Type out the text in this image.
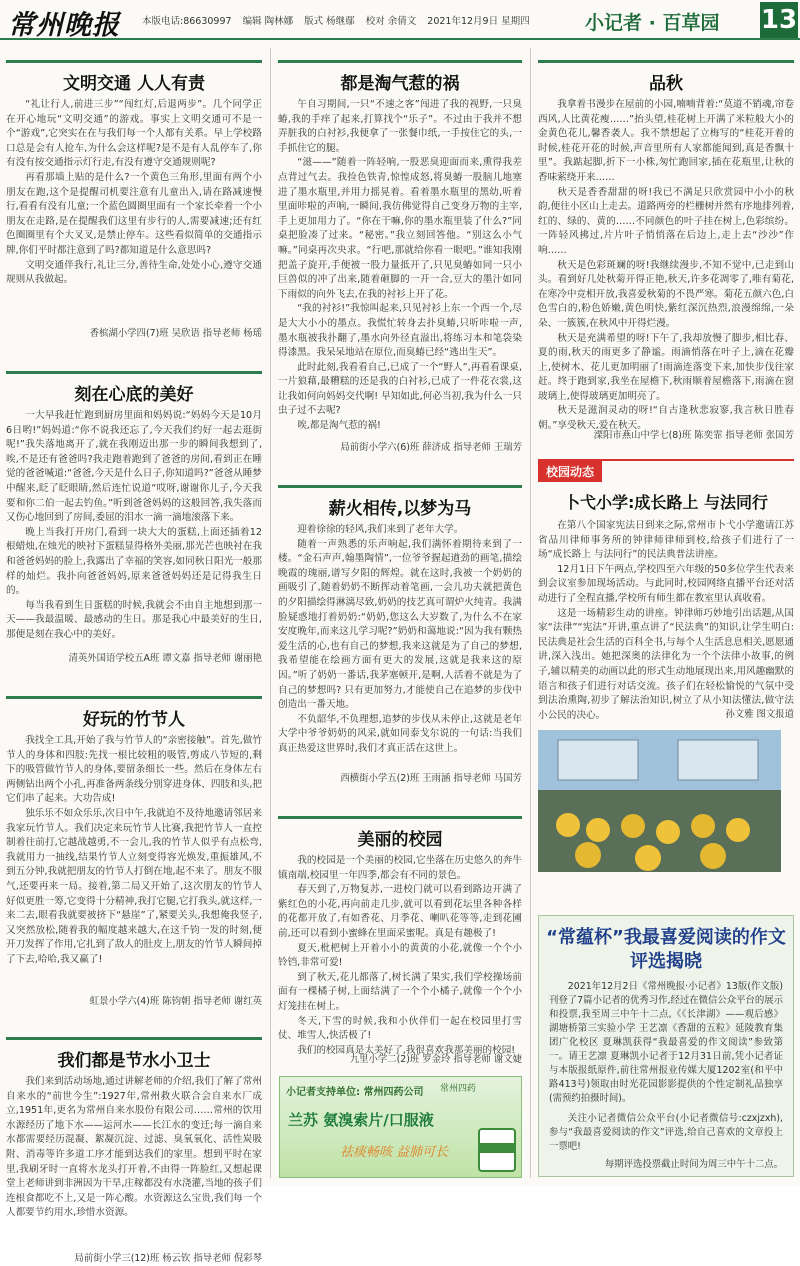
常州晚报 本版电话:86630997 编辑 陶林娜 版式 杨继鄢 校对 余倩文 2021年12月9日 星期四	小记者 · 百草园 13
文明交通 人人有责

“礼让行人,前进三步”“闯红灯,后退两步”。几个同学正在开心地玩“文明交通”的游戏。事实上文明交通可不是一个“游戏”,它突实在在与我们每一个人都有关系。早上学校路口总是会有人抢车,为什么会这样呢?是不是有人乱停车了,你有没有按交通指示灯行走,有没有遵守交通规则呢?

再看那墙上贴的是什么?一个黄色三角形,里面有两个小朋友在跑,这个是提醒司机要注意有儿童出入,请在路减速慢行,看看有没有儿童;一个蓝色圆圈里面有一个家长牵着一个小朋友在走路,是在提醒我们这里有步行的人,需要减速;还有红色圈圈里有个大叉叉,是禁止停车。这些看似简单的交通指示牌,你们平时都注意到了吗?都知道是什么意思吗?

文明交通伴我行,礼让三分,善待生命,处处小心,遵守交通规则从我做起。

香槟湖小学四(7)班 吴欣语 指导老师 杨瑶
刻在心底的美好

一大早我赶忙跑到厨房里面和妈妈说:“妈妈今天是10月6日哟!”妈妈道:“你不说我还忘了,今天我们约好一起去逛街呢!”我失落地离开了,就在我刚迈出那一步的瞬间我想到了,唉,不是还有爸爸吗?我走跑着跑到了爸爸的房间,看到正在睡觉的爸爸喊道:“爸爸,今天是什么日子,你知道吗?”爸爸从睡梦中醒来,眨了眨眼睛,然后连忙说道“哎呀,谢谢你儿子,今天我要和你二伯一起去钓鱼。”听到爸爸妈妈的这般回答,我失落而又伤心地回到了房间,委屈的泪水一滴一滴地滚落下来。

晚上当我打开房门,看到一块大大的蛋糕,上面还插着12根蜡烛,在烛光的映衬下蛋糕显得格外美丽,那光芒也映衬在我和爸爸妈妈的脸上,我露出了幸福的笑容,如同秋日阳光一般那样的灿烂。我扑向爸爸妈妈,原来爸爸妈妈还是记得我生日的。

每当我看到生日蛋糕的时候,我就会不由自主地想到那一天——我最温暖、最感动的生日。那是我心中最美好的生日,那便是刻在我心中的美好。

清英外国语学校五A班 谭文嘉 指导老师 谢丽艳
好玩的竹节人

我找全工具,开始了我与竹节人的“亲密接触”。首先,做竹节人的身体和四肢:先找一根比较粗的吸管,剪成八节短的,剩下的吸管做竹节人的身体,要留条细长一些。然后在身体左右两侧钻出两个小孔,再准备两条线分别穿进身体、四肢和头,把它们串了起来。大功告成!

独乐乐不如众乐乐,次日中午,我就迫不及待地邀请邻居来我家玩竹节人。我们决定来玩竹节人比赛,我把竹节人一直控制着往前打,它越战越勇,不一会儿,我的竹节人似乎有点松弯,我就用力一抽线,结果竹节人立刻变得容光焕发,重振雄风,不到五分钟,我就把朋友的竹节人打倒在地,起不来了。朋友不服气,还要再来一局。接着,第二局又开始了,这次朋友的竹节人好似更胜一筹,它变得十分精神,我打它腿,它打我头,就这样,一来二去,眼看我就要被挤下“悬崖”了,紧要关头,我想俺我竖子,又突然放松,随着我的幅度越来越大,在这千钧一发的时刻,便开刀发挥了作用,它扎到了敌人的肚皮上,朋友的竹节人瞬间掉了下去,哈哈,我又赢了!

虹景小学六(4)班 陈钧朝 指导老师 谢红英
我们都是节水小卫士

我们来到活动场地,通过讲解老师的介绍,我们了解了常州自来水的“前世今生”:1927年,常州救火联合会自来水厂成立,1951年,更名为常州自来水股份有限公司……常州的饮用水源经历了地下水——运河水——长江水的变迁;每一滴自来水都需要经历混凝、絮凝沉淀、过滤、臭氧氧化、活性炭吸附、消毒等许多道工序才能到达我们的家里。想到平时在家里,我刷牙时一直将水龙头打开着,不由得一阵脸红,又想起课堂上老师讲到非洲因为干旱,庄稼都没有水浇灌,当地的孩子们连根食都吃不上,又是一阵心酸。水资源这么宝贵,我们每一个人都要节约用水,珍惜水资源。

局前街小学三(12)班 杨云钦 指导老师 倪彩琴
都是淘气惹的祸

午自习期间,一只“不速之客”闯进了我的视野,一只臭蝽,我的手痒了起来,打算找个“乐子”。不过由于我并不想弄脏我的白衬衫,我便拿了一张餐巾纸,一手按住它的头,一手抓住它的腿。

“滋——”随着一阵轻响,一股恶臭迎面而来,熏得我差点背过气去。我捡色铁青,惊惶成怒,将臭蝽一股脑儿地塞进了墨水瓶里,并用力摇晃着。看着墨水瓶里的黑幼,听着里面咔啦的声响,一瞬间,我仿佛觉得自己变身万物的主宰,手上更加用力了。“你在干嘛,你的墨水瓶里装了什么?”同桌把脸凑了过来。“秘密。”我立刻回答他。“别这么小气嘛。”同桌再次央求。“行吧,那就给你看一眼吧。”谁知我刚把盖子旋开,手便被一股力量抵开了,只见臭蝽如同一只小巨兽似的冲了出来,随着砸脚的一开一合,豆大的墨汁如同下雨似的向外飞去,在我的衬衫上开了花。

“我的衬衫!”我惊叫起来,只见衬衫上东一个西一个,尽是大大小小的墨点。我慌忙转身去扑臭蝽,只听咔啦一声,墨水瓶被我扑翻了,墨水向外径直溢出,将练习本和笔袋染得漆黑。我呆呆地站在原位,而臭蝽已经“逃出生天”。

此时此刻,我看看自己,已成了一个“野人”,再看看课桌,一片狼藉,最糟糕的还是我的白衬衫,已成了一件花衣裳,这让我如何向妈妈交代啊! 早知如此,何必当初,我为什么一只虫子过不去呢?

唉,都是淘气惹的祸!

局前街小学六(6)班 薛济成 指导老师 王瑞芳
薪火相传,以梦为马

迎着徐徐的轻风,我们来到了老年大学。

随着一声熟悉的乐声响起,我们满怀着期待来到了一楼。“金石声声,翰墨陶情”,一位爷爷握起遒劲的画笔,描绘晚霞的瑰丽,谱写夕阳的辉煌。就在这时,我被一个奶奶的画吸引了,随着奶奶不断挥动着笔画,一会儿功夫就把黄色的夕阳描绘得淋漓尽致,奶奶的技艺真可谓炉火纯青。我满脸疑惑地打着奶奶:“奶奶,您这么大岁数了,为什么不在家安度晚年,而来这儿学习呢?”奶奶和蔼地说:“因为我有颗热爱生活的心,也有自己的梦想,我来这就是为了自己的梦想,我希望能在绘画方面有更大的发展,这就是我来这的原因。”听了奶奶一番话,我茅塞顿开,是啊,人活着不就是为了自己的梦想吗? 只有更加努力,才能使自己在追梦的步伐中创造出一番天地。

不负韶华,不负理想,追梦的步伐从未停止,这就是老年大学中爷爷奶奶的风采,就如同泰戈尔说的一句话:当我们真正热爱这世界时,我们才真正活在这世上。

西横街小学五(2)班 王雨涵 指导老师 马国芳
美丽的校园

我的校园是一个美丽的校园,它坐落在历史悠久的奔牛镇南端,校园里一年四季,都会有不同的景色。

春天到了,万物复苏,一进校门就可以看到路边开满了紫红色的小花,再向前走几步,就可以看到花坛里各种各样的花都开放了,有如香花、月季花、喇叭花等等,走到花圃前,还可以看到小蜜蜂在里面采蜜呢。真是有趣极了!

夏天,枇杷树上开着小小的黄黄的小花,就像一个个小铃铛,非常可爱!

到了秋天,花儿都落了,树长满了果实,我们学校操场前面有一棵橘子树,上面结满了一个个小橘子,就像一个个小灯笼挂在树上。

冬天,下雪的时候,我和小伙伴们一起在校园里打雪仗、堆雪人,快活极了!

我们的校园真是太美好了,我很喜欢我那美丽的校园!

九里小学二(2)班 罗金玲 指导老师 谢文婕
小记者支持单位: 常州四药公司 常州四药
兰苏 氨溴索片/口服液
祛痰畅咳 益肺可长
品秋

我拿着书漫步在屋前的小园,喃喃背着:“莫道不销魂,帘卷西风,人比黄花瘦……”抬头望,桂花树上开满了米粒般大小的金黄色花儿,馨香袭人。我不禁想起了立梅写的“桂花开着的时候,桂花开花的时候,声音里所有人家都能闻到,真是香飘十里”。我踮起脚,折下一小株,匆忙跑回家,插在花瓶里,让秋的香味萦绕开来……

秋天是香香甜甜的呀!我已不满足只欣赏园中小小的秋韵,便往小区山上走去。道路两旁的栏栅树并然有序地排列着,红的、绿的、黄的……不同颜色的叶子挂在树上,色彩缤纷。一阵轻风拂过,片片叶子悄悄落在后边上,走上去“沙沙”作响……

秋天是色彩斑斓的呀!我继续漫步,不知不觉中,已走到山头。看到好几处秋菊开得正艳,秋天,许多花凋零了,唯有菊花,在寒冷中竞相开放,我喜爱秋菊的不畏严寒。菊花五颜六色,白色雪白的,粉色娇嫩,黄色明快,紫红深沉热烈,浪漫绵绵,一朵朵、一簇簇,在秋风中开得烂漫。

秋天是充满希望的呀!下午了,我却放慢了脚步,相比春、夏的雨,秋天的雨更多了静谧。雨滴悄落在叶子上,滴在花瓣上,使树木、花儿更加明丽了!雨滴连落变下来,加快步伐往家赶。终于跑到家,我坐在屋檐下,秋雨顺着屋檐落下,雨滴在窗玻璃上,使得玻璃更加明亮了。

秋天是滋润灵动的呀!“自古逢秋悲寂寥,我言秋日胜春朝。”享受秋天,爱在秋天。

溧阳市燕山中学七(8)班 陈奕霏 指导老师 张国芳
校园动态
卜弋小学:成长路上 与法同行

在第八个国家宪法日到来之际,常州市卜弋小学邀请江苏省品川律师事务所的钟律师律师到校,给孩子们进行了一场“成长路上 与法同行”的民法典普法讲座。

12月1日下午两点,学校四至六年级的50多位学生代表来到会议室参加现场活动。与此同时,校园网络直播平台还对活动进行了全程直播,学校所有师生都在教室里认真收看。

这是一场精彩生动的讲座。钟律师巧妙地引出话题,从国家“法律”“宪法”开讲,重点讲了“民法典”的知识,让学生明白:民法典是社会生活的百科全书,与每个人生活息息相关,愿愿通讲,深入浅出。她把深奥的法律化为一个个法律小故事,的例子,辅以精美的动画以此的形式生动地展现出来,用风趣幽默的语言和孩子们进行对话交流。孩子们在轻松愉悦的气氛中受到法治熏陶,初步了解法治知识,树立了从小知法懂法,做守法小公民的决心。	孙文雅 图文报道
“常蕴杯”我最喜爱阅读的作文评选揭晓
2021年12月2日《常州晚报·小记者》13版(作文版)刊登了7篇小记者的优秀习作,经过在微信公众平台的展示和投票,我至周三中午十二点,《《长津湖》——观后感》湖塘桥第三实验小学 王艺凛《香甜的五粒》延陵教育集团广化校区 夏琳凯获得“我最喜爱的作文阅读”参致第一。请王艺凛 夏琳凯小记者于12月31日前,凭小记者证与本版报纸原件,前往常州报业传媒大厦1202室(和平中路413号)领取由时光花园影影提供的个性定制礼品独享(需预约拍摄时间)。
关注小记者微信公众平台(小记者微信号:czxjzxh),参与“我最喜爱阅读的作文”评选,给自己喜欢的文章投上一票吧!
每期评选投票截止时间为周三中午十二点。
